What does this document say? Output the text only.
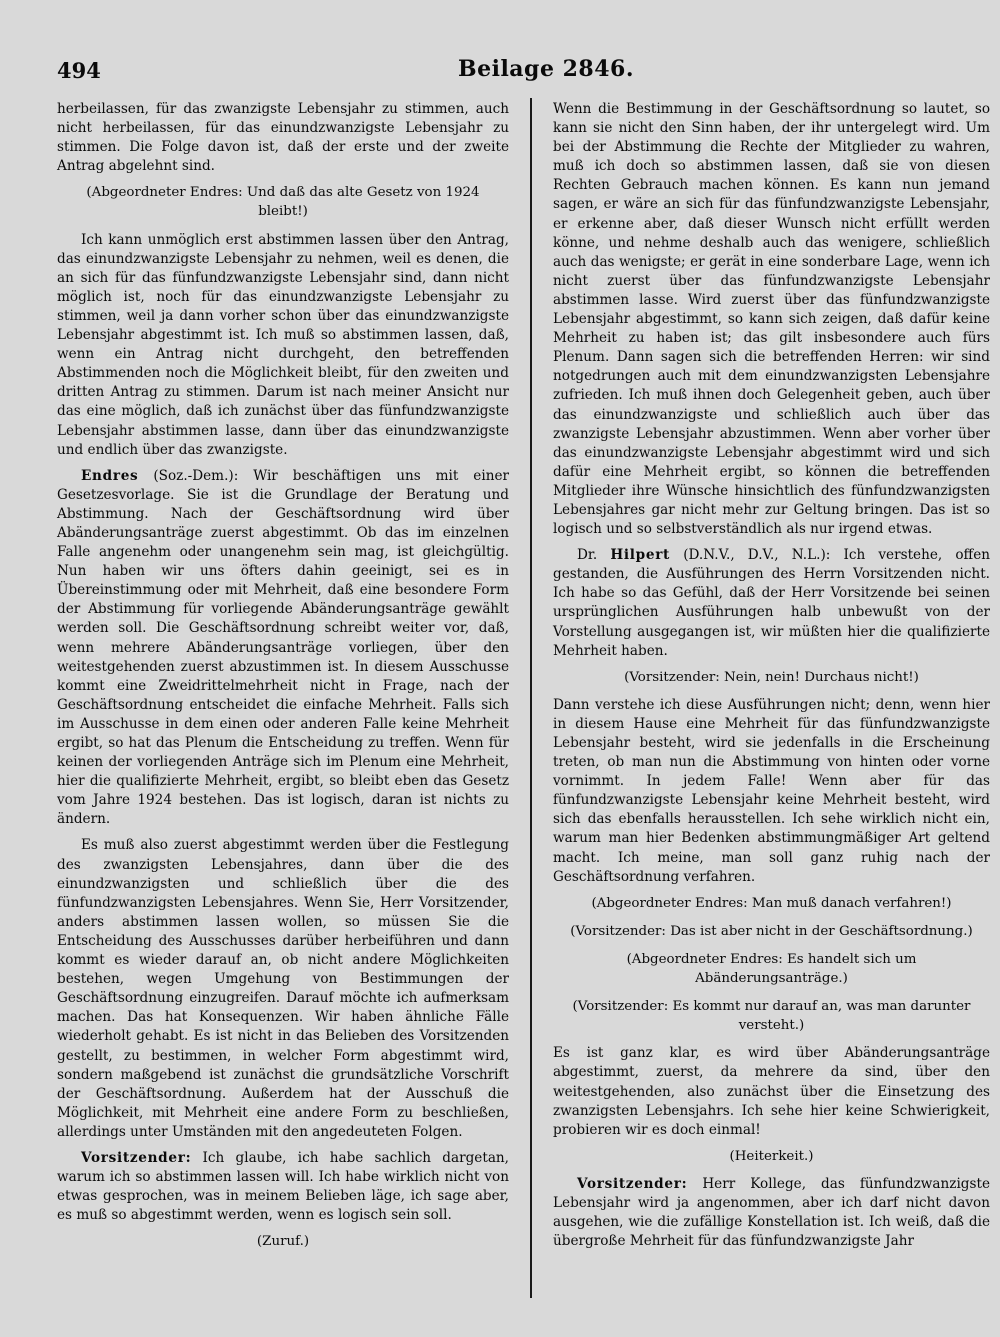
494	Beilage 2846.

herbeilassen, für das zwanzigste Lebensjahr zu stimmen, auch nicht herbeilassen, für das einundzwanzigste Lebensjahr zu stimmen. Die Folge davon ist, daß der erste und der zweite Antrag abgelehnt sind.

(Abgeordneter Endres: Und daß das alte Gesetz von 1924 bleibt!)

Ich kann unmöglich erst abstimmen lassen über den Antrag, das einundzwanzigste Lebensjahr zu nehmen, weil es denen, die an sich für das fünfundzwanzigste Lebensjahr sind, dann nicht möglich ist, noch für das einundzwanzigste Lebensjahr zu stimmen, weil ja dann vorher schon über das einundzwanzigste Lebensjahr abgestimmt ist. Ich muß so abstimmen lassen, daß, wenn ein Antrag nicht durchgeht, den betreffenden Abstimmenden noch die Möglichkeit bleibt, für den zweiten und dritten Antrag zu stimmen. Darum ist nach meiner Ansicht nur das eine möglich, daß ich zunächst über das fünfundzwanzigste Lebensjahr abstimmen lasse, dann über das einundzwanzigste und endlich über das zwanzigste.

Endres (Soz.-Dem.): Wir beschäftigen uns mit einer Gesetzesvorlage. Sie ist die Grundlage der Beratung und Abstimmung. Nach der Geschäftsordnung wird über Abänderungsanträge zuerst abgestimmt. Ob das im einzelnen Falle angenehm oder unangenehm sein mag, ist gleichgültig. Nun haben wir uns öfters dahin geeinigt, sei es in Übereinstimmung oder mit Mehrheit, daß eine besondere Form der Abstimmung für vorliegende Abänderungsanträge gewählt werden soll. Die Geschäftsordnung schreibt weiter vor, daß, wenn mehrere Abänderungsanträge vorliegen, über den weitestgehenden zuerst abzustimmen ist. In diesem Ausschusse kommt eine Zweidrittelmehrheit nicht in Frage, nach der Geschäftsordnung entscheidet die einfache Mehrheit. Falls sich im Ausschusse in dem einen oder anderen Falle keine Mehrheit ergibt, so hat das Plenum die Entscheidung zu treffen. Wenn für keinen der vorliegenden Anträge sich im Plenum eine Mehrheit, hier die qualifizierte Mehrheit, ergibt, so bleibt eben das Gesetz vom Jahre 1924 bestehen. Das ist logisch, daran ist nichts zu ändern.

Es muß also zuerst abgestimmt werden über die Festlegung des zwanzigsten Lebensjahres, dann über die des einundzwanzigsten und schließlich über die des fünfundzwanzigsten Lebensjahres. Wenn Sie, Herr Vorsitzender, anders abstimmen lassen wollen, so müssen Sie die Entscheidung des Ausschusses darüber herbeiführen und dann kommt es wieder darauf an, ob nicht andere Möglichkeiten bestehen, wegen Umgehung von Bestimmungen der Geschäftsordnung einzugreifen. Darauf möchte ich aufmerksam machen. Das hat Konsequenzen. Wir haben ähnliche Fälle wiederholt gehabt. Es ist nicht in das Belieben des Vorsitzenden gestellt, zu bestimmen, in welcher Form abgestimmt wird, sondern maßgebend ist zunächst die grundsätzliche Vorschrift der Geschäftsordnung. Außerdem hat der Ausschuß die Möglichkeit, mit Mehrheit eine andere Form zu beschließen, allerdings unter Umständen mit den angedeuteten Folgen.

Vorsitzender: Ich glaube, ich habe sachlich dargetan, warum ich so abstimmen lassen will. Ich habe wirklich nicht von etwas gesprochen, was in meinem Belieben läge, ich sage aber, es muß so abgestimmt werden, wenn es logisch sein soll.

(Zuruf.)

Wenn die Bestimmung in der Geschäftsordnung so lautet, so kann sie nicht den Sinn haben, der ihr untergelegt wird. Um bei der Abstimmung die Rechte der Mitglieder zu wahren, muß ich doch so abstimmen lassen, daß sie von diesen Rechten Gebrauch machen können. Es kann nun jemand sagen, er wäre an sich für das fünfundzwanzigste Lebensjahr, er erkenne aber, daß dieser Wunsch nicht erfüllt werden könne, und nehme deshalb auch das wenigere, schließlich auch das wenigste; er gerät in eine sonderbare Lage, wenn ich nicht zuerst über das fünfundzwanzigste Lebensjahr abstimmen lasse. Wird zuerst über das fünfundzwanzigste Lebensjahr abgestimmt, so kann sich zeigen, daß dafür keine Mehrheit zu haben ist; das gilt insbesondere auch fürs Plenum. Dann sagen sich die betreffenden Herren: wir sind notgedrungen auch mit dem einundzwanzigsten Lebensjahre zufrieden. Ich muß ihnen doch Gelegenheit geben, auch über das einundzwanzigste und schließlich auch über das zwanzigste Lebensjahr abzustimmen. Wenn aber vorher über das einundzwanzigste Lebensjahr abgestimmt wird und sich dafür eine Mehrheit ergibt, so können die betreffenden Mitglieder ihre Wünsche hinsichtlich des fünfundzwanzigsten Lebensjahres gar nicht mehr zur Geltung bringen. Das ist so logisch und so selbstverständlich als nur irgend etwas.

Dr. Hilpert (D.N.V., D.V., N.L.): Ich verstehe, offen gestanden, die Ausführungen des Herrn Vorsitzenden nicht. Ich habe so das Gefühl, daß der Herr Vorsitzende bei seinen ursprünglichen Ausführungen halb unbewußt von der Vorstellung ausgegangen ist, wir müßten hier die qualifizierte Mehrheit haben.

(Vorsitzender: Nein, nein! Durchaus nicht!)

Dann verstehe ich diese Ausführungen nicht; denn, wenn hier in diesem Hause eine Mehrheit für das fünfundzwanzigste Lebensjahr besteht, wird sie jedenfalls in die Erscheinung treten, ob man nun die Abstimmung von hinten oder vorne vornimmt. In jedem Falle! Wenn aber für das fünfundzwanzigste Lebensjahr keine Mehrheit besteht, wird sich das ebenfalls herausstellen. Ich sehe wirklich nicht ein, warum man hier Bedenken abstimmungmäßiger Art geltend macht. Ich meine, man soll ganz ruhig nach der Geschäftsordnung verfahren.

(Abgeordneter Endres: Man muß danach verfahren!)

(Vorsitzender: Das ist aber nicht in der Geschäftsordnung.)

(Abgeordneter Endres: Es handelt sich um Abänderungsanträge.)

(Vorsitzender: Es kommt nur darauf an, was man darunter versteht.)

Es ist ganz klar, es wird über Abänderungsanträge abgestimmt, zuerst, da mehrere da sind, über den weitestgehenden, also zunächst über die Einsetzung des zwanzigsten Lebensjahrs. Ich sehe hier keine Schwierigkeit, probieren wir es doch einmal!

(Heiterkeit.)

Vorsitzender: Herr Kollege, das fünfundzwanzigste Lebensjahr wird ja angenommen, aber ich darf nicht davon ausgehen, wie die zufällige Konstellation ist. Ich weiß, daß die übergroße Mehrheit für das fünfundzwanzigste Jahr
